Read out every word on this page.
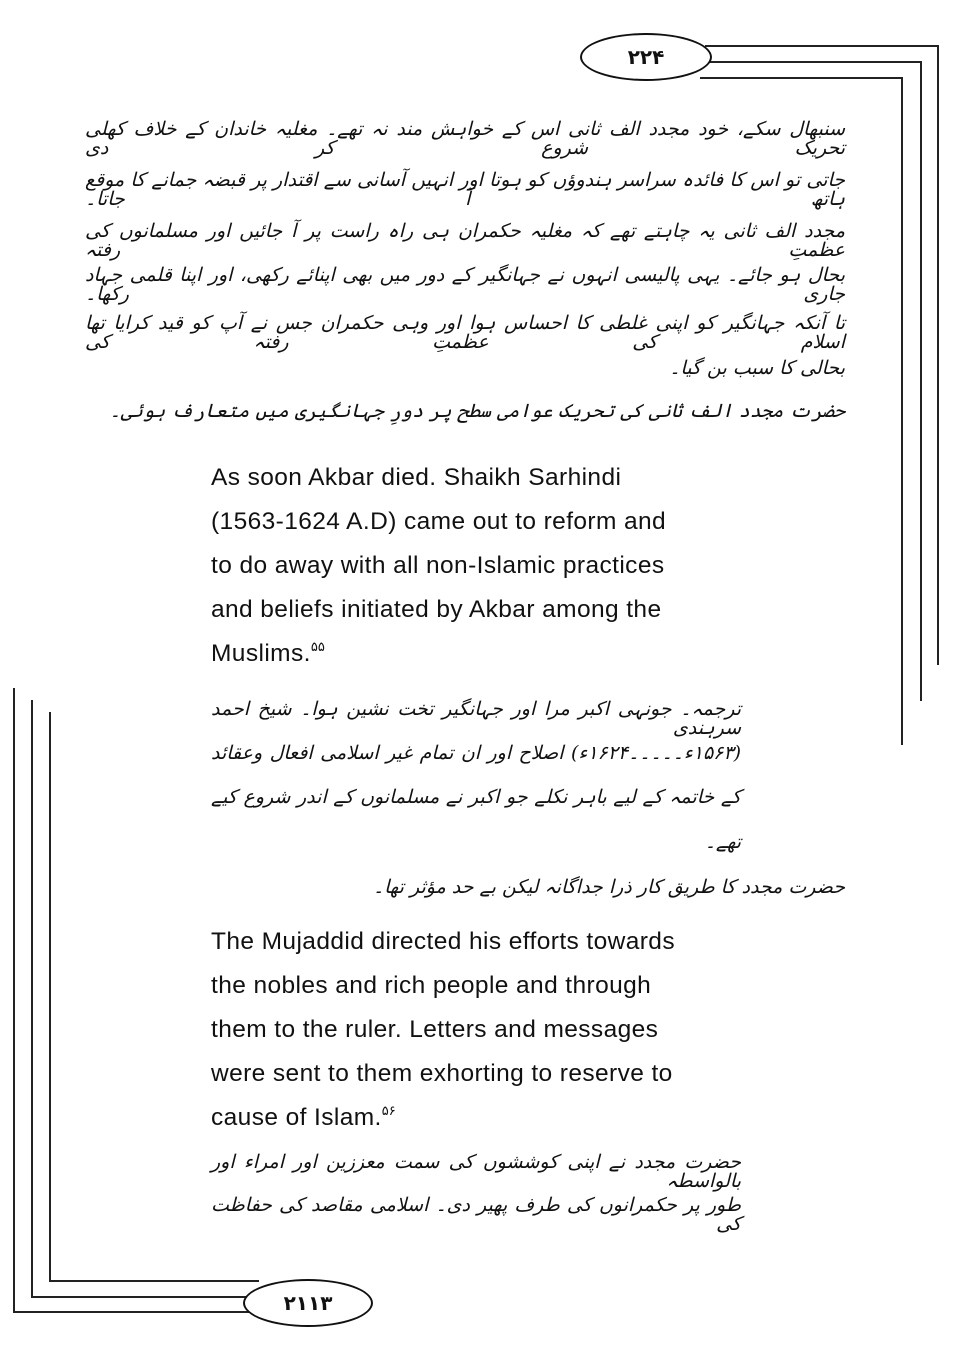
۲۲۴
۲۱۱۳
سنبھال سکے، خود مجدد الف ثانی اس کے خواہش مند نہ تھے۔ مغلیہ خاندان کے خلاف کھلی تحریک شروع کر دی
جاتی تو اس کا فائدہ سراسر ہندوؤں کو ہوتا اور انہیں آسانی سے اقتدار پر قبضہ جمانے کا موقع ہاتھ آ جاتا۔
مجدد الف ثانی یہ چاہتے تھے کہ مغلیہ حکمران ہی راہ راست پر آ جائیں اور مسلمانوں کی عظمتِ رفتہ
بحال ہو جائے۔ یہی پالیسی انہوں نے جہانگیر کے دور میں بھی اپنائے رکھی، اور اپنا قلمی جہاد جاری رکھا۔
تا آنکہ جہانگیر کو اپنی غلطی کا احساس ہوا اور وہی حکمران جس نے آپ کو قید کرایا تھا اسلام کی عظمتِ رفتہ کی
بحالی کا سبب بن گیا۔
حضرت مجدد الف ثانی کی تحریک عوامی سطح پر دورِ جہانگیری میں متعارف ہوئی۔
As soon Akbar died. Shaikh Sarhindi
(1563-1624 A.D) came out to reform and
to do away with all non-Islamic practices
and beliefs initiated by Akbar among the
Muslims.$^{۵۵}$
ترجمہ۔ جونہی اکبر مرا اور جہانگیر تخت نشین ہوا۔ شیخ احمد سرہندی
(۱۵۶۳ء۔۔۔۔۔۱۶۲۴ء) اصلاح اور ان تمام غیر اسلامی افعال وعقائد
کے خاتمہ کے لیے باہر نکلے جو اکبر نے مسلمانوں کے اندر شروع کیے
تھے۔
حضرت مجدد کا طریق کار ذرا جداگانہ لیکن بے حد مؤثر تھا۔
The Mujaddid directed his efforts towards
the nobles and rich people and through
them to the ruler. Letters and messages
were sent to them exhorting to reserve to
cause of Islam.$^{۵۶}$
حضرت مجدد نے اپنی کوششوں کی سمت معززین اور امراء اور بالواسطہ
طور پر حکمرانوں کی طرف پھیر دی۔ اسلامی مقاصد کی حفاظت کی
